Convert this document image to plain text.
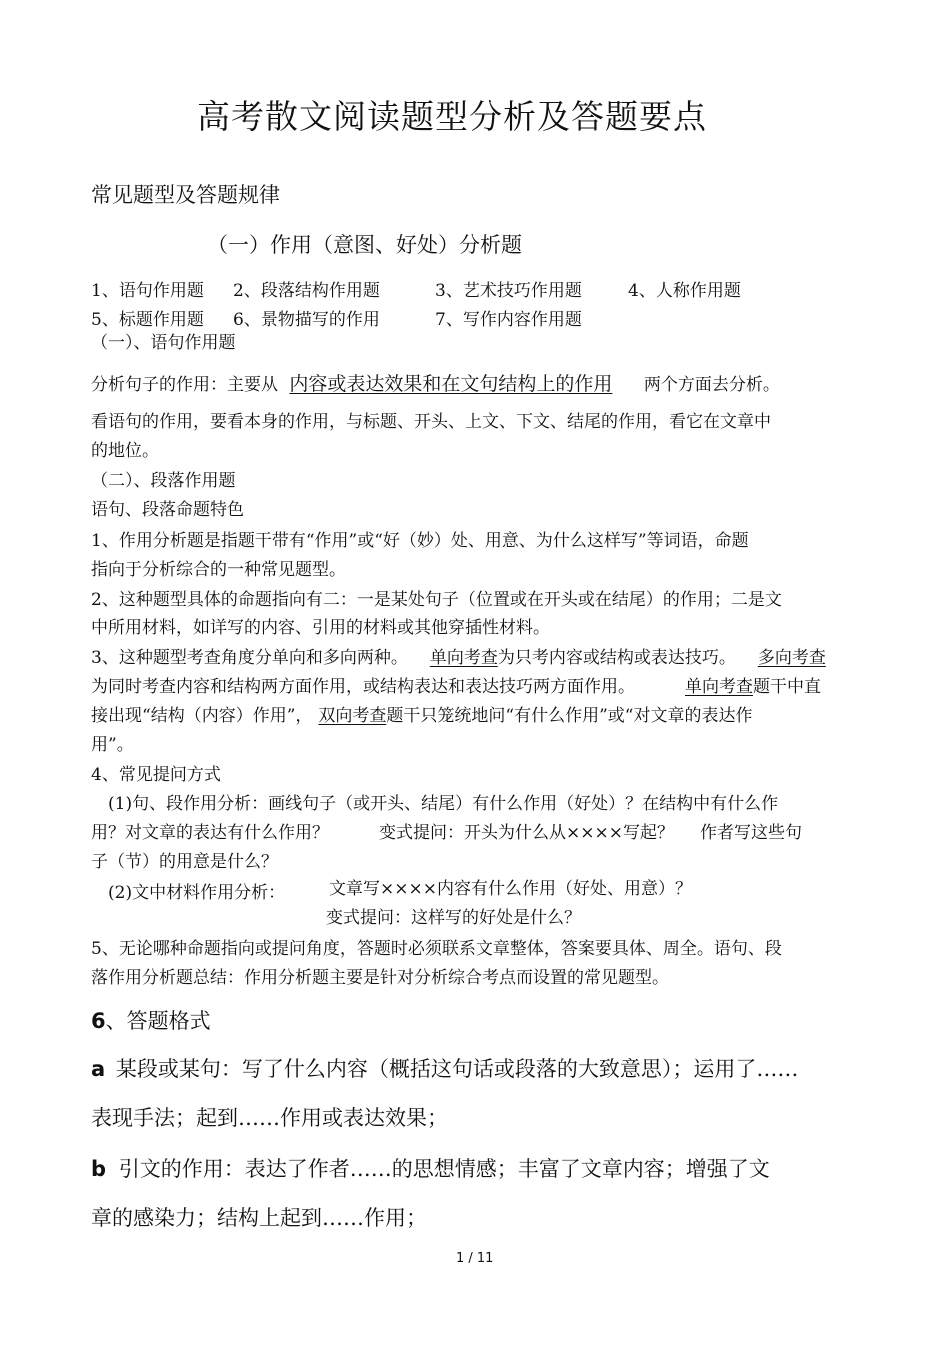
高考散文阅读题型分析及答题要点
常见题型及答题规律
（一）作用（意图、好处）分析题
1、语句作用题 2、段落结构作用题	3、艺术技巧作用题	4、人称作用题
5、标题作用题 6、景物描写的作用	7、写作内容作用题
（一）、语句作用题
分析句子的作用：主要从 内容或表达效果和在文句结构上的作用 两个方面去分析。
看语句的作用，要看本身的作用，与标题、开头、上文、下文、结尾的作用，看它在文章中
的地位。
（二）、段落作用题
语句、段落命题特色
1、作用分析题是指题干带有“作用”或“好（妙）处、用意、为什么这样写”等词语，命题
指向于分析综合的一种常见题型。
2、这种题型具体的命题指向有二：一是某处句子（位置或在开头或在结尾）的作用；二是文
中所用材料，如详写的内容、引用的材料或其他穿插性材料。
3、这种题型考查角度分单向和多向两种。 单向考查为只考内容或结构或表达技巧。 多向考查
为同时考查内容和结构两方面作用，或结构表达和表达技巧两方面作用。	单向考查题干中直
接出现“结构（内容）作用”， 双向考查题干只笼统地问“有什么作用”或“对文章的表达作
用”。
4、常见提问方式
(1)句、段作用分析：画线句子（或开头、结尾）有什么作用（好处）？在结构中有什么作
用？对文章的表达有什么作用？	变式提问：开头为什么从××××写起？ 作者写这些句
子（节）的用意是什么？
(2)文中材料作用分析：	文章写××××内容有什么作用（好处、用意）？
变式提问：这样写的好处是什么？
5、无论哪种命题指向或提问角度，答题时必须联系文章整体，答案要具体、周全。语句、段
落作用分析题总结：作用分析题主要是针对分析综合考点而设置的常见题型。
6、答题格式
a 某段或某句：写了什么内容（概括这句话或段落的大致意思）；运用了……
表现手法；起到……作用或表达效果；
b 引文的作用：表达了作者……的思想情感；丰富了文章内容；增强了文
章的感染力；结构上起到……作用；
1 / 11
